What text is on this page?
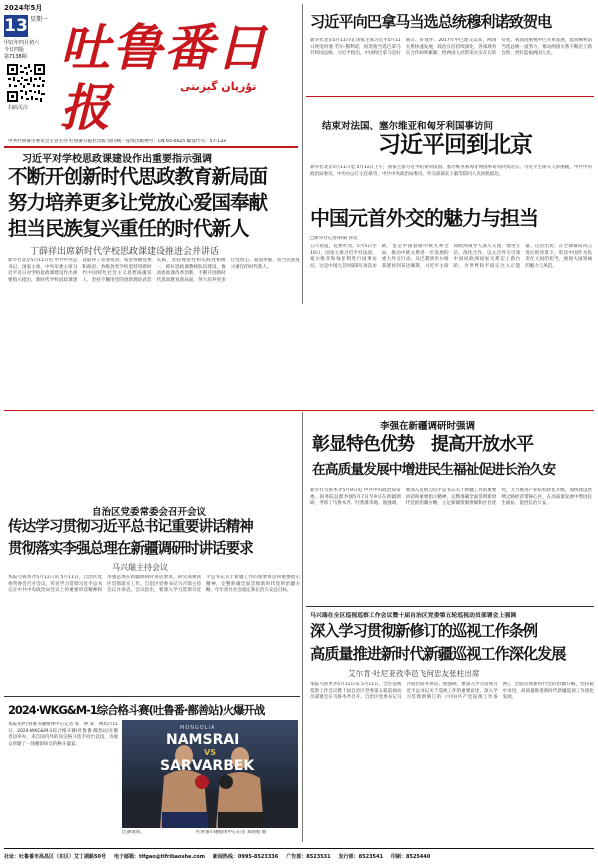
2024年5月
13 星期一
甲辰年四月初六
今日四版
第7138期
扫码关注
吐鲁番日报	تۇرپان گېزىتى
中共吐鲁番市委员会主管主办 吐鲁番日报社出版 国内统一连续出版物号：CN 65-0025 邮发代号：57-133
习近平向巴拿马当选总统穆利诺致贺电
新华社北京5月11日电 国家主席习近平5月11日致电何塞·劳尔·穆利诺，祝贺他当选巴拿马共和国总统。习近平指出，中国和巴拿马是好朋友、好伙伴。2017年中巴建交以来，两国关系快速发展，政治互信持续深化，各领域务实合作硕果累累，给两国人民带来实实在在的好处。我高度重视中巴关系发展，愿同穆利诺当选总统一道努力，推动两国关系不断迈上新台阶，更好造福两国人民。
结束对法国、塞尔维亚和匈牙利国事访问
习近平回到北京
新华社北京5月11日电 5月11日上午，国家主席习近平结束对法国、塞尔维亚和匈牙利国事访问回到北京。习近平主席夫人彭丽媛，中共中央政治局委员、中央办公厅主任蔡奇，中共中央政治局委员、外交部部长王毅等陪同人员同机抵达。
中国元首外交的魅力与担当
□新华社记者/韩梁 孙奕
五月初夏，花繁叶茂。5月5日至10日，国家主席习近平对法国、塞尔维亚和匈牙利进行国事访问。这是中国元首时隔5年再次访欧，也是中国着眼中欧关系全局、推动中欧关系进一步发展的重大外交行动。从巴黎到贝尔格莱德再到布达佩斯，习近平主席同欧洲领导人深入交流、增进互信、深化合作，以元首外交引领中国同欧洲国家关系迈上新台阶，为世界和平稳定注入正能量。这次出访，在全球格局风云变幻的背景下，彰显中国作为负责任大国的担当，展现大国领袖的魅力与风范。
习近平对学校思政课建设作出重要指示强调
不断开创新时代思政教育新局面
努力培养更多让党放心爱国奉献
担当民族复兴重任的时代新人
丁薛祥出席新时代学校思政课建设推进会并讲话
新华社北京5月11日电 中共中央总书记、国家主席、中央军委主席习近平近日对学校思政课建设作出重要指示指出，新时代学校思政课建设取得了显著成效。希望各级党委和政府、各级各类学校坚持用新时代中国特色社会主义思想铸魂育人，坚持不懈用党的创新理论武装头脑，坚持理论性和实践性相统一，抓好思政课教师队伍建设，推动思政课改革创新，不断开创新时代思政教育新局面，努力培养更多让党放心、爱国奉献、担当民族复兴重任的时代新人。
李强在新疆调研时强调
彰显特色优势　提高开放水平
在高质量发展中增进民生福祉促进长治久安
新华社乌鲁木齐5月9日电 中共中央政治局常委、国务院总理李强5月7日至9日在新疆调研，考察了乌鲁木齐、吐鲁番等地。他强调，要深入贯彻习近平总书记关于新疆工作的重要讲话和重要指示精神，完整准确全面贯彻新时代党的治疆方略，立足新疆资源禀赋和区位优势，大力推进产业结构优化升级，加快建设丝绸之路经济带核心区，在高质量发展中增进民生福祉、促进长治久安。
自治区党委常委会召开会议
传达学习贯彻习近平总书记重要讲话精神
贯彻落实李强总理在新疆调研时讲话要求
马兴瑞主持会议
本报乌鲁木齐5月11日讯 5月11日，自治区党委常委会召开会议，传达学习贯彻习近平总书记在中共中央政治局会议上的重要讲话精神和李强总理在新疆调研时讲话要求，研究部署我区贯彻落实工作。自治区党委书记马兴瑞主持会议并讲话。会议指出，要深入学习贯彻习近平总书记关于新疆工作的重要讲话和重要指示精神，完整准确全面贯彻新时代党的治疆方略，牢牢扭住社会稳定和长治久安总目标。
2024·WKG&M-1综合格斗赛(吐鲁番·鄯善站)火爆开战
本报讯(吐鲁番市融媒体中心记者 张　林 朱　林)5月11日，2024·WKG&M-1综合格斗赛(吐鲁番·鄯善站)在鄯善县举办。来自国内外的顶尖格斗选手同台竞技，为观众奉献了一场精彩纷呈的格斗盛宴。
MONGOLIA
NAMSRAI
VS
SARVARBEK
比赛现场。	吐鲁番市融媒体中心记者 刘晓娟 摄
马兴瑞在全区巡视巡察工作会议暨十届自治区党委第五轮巡视动员部署会上强调
深入学习贯彻新修订的巡视工作条例
高质量推进新时代新疆巡视工作深化发展
艾尔肯·吐尼亚孜李邑飞何忠友张柱出席
本报乌鲁木齐5月11日讯 5月11日，全区巡视巡察工作会议暨十届自治区党委第五轮巡视动员部署会在乌鲁木齐召开。自治区党委书记马兴瑞出席并讲话。他强调，要深入学习贯彻习近平总书记关于巡视工作的重要论述，深入学习贯彻新修订的《中国共产党巡视工作条例》，全面贯彻新时代党的治疆方略，坚持稳中求进，高质量推进新时代新疆巡视工作深化发展。
社址：吐鲁番市高昌区（东区）艾丁湖路50号 电子邮箱：tlfgao@tlfribaoshe.com 新闻热线：0995-8523336 广告部：8523531 发行部：8523541 印刷：8525440
